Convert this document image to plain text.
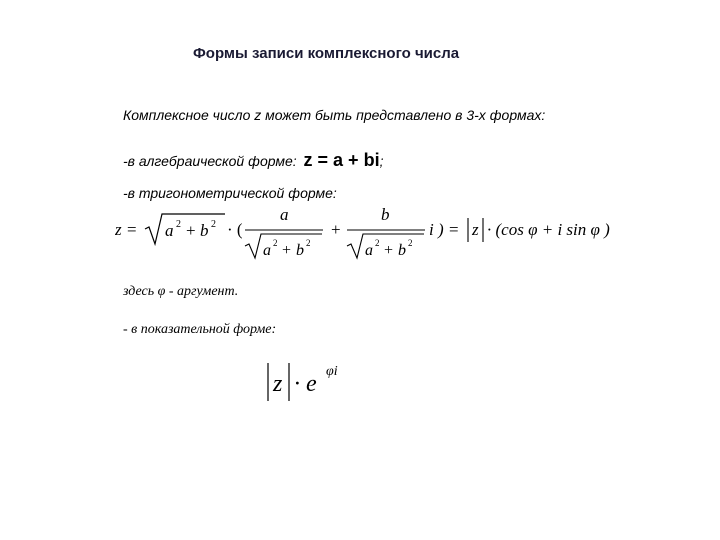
Формы записи комплексного числа
Комплексное число z может быть представлено в 3-х формах:
-в алгебраической форме: z = a + bi;
-в тригонометрической форме:
z = a 2 + b 2 · (
a
a 2 + b 2
+
b
a 2 + b 2
i ) = z · (cos φ + i sin φ )
здесь φ - аргумент.
- в показательной форме:
z · e φi
